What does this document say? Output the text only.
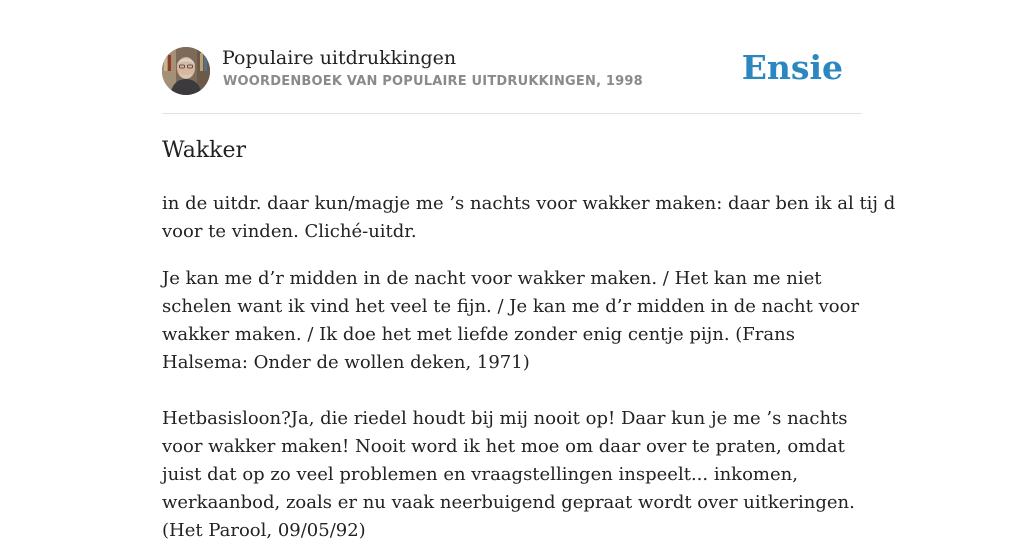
Populaire uitdrukkingen
WOORDENBOEK VAN POPULAIRE UITDRUKKINGEN, 1998	Ensie
Wakker

in de uitdr. daar kun/magje me ’s nachts voor wakker maken: daar ben ik al tij d
voor te vinden. Cliché-uitdr.

Je kan me d’r midden in de nacht voor wakker maken. / Het kan me niet schelen want ik vind het veel te fijn. / Je kan me d’r midden in de nacht voor wakker maken. / Ik doe het met liefde zonder enig centje pijn. (Frans Halsema: Onder de wollen deken, 1971)

Hetbasisloon?Ja, die riedel houdt bij mij nooit op! Daar kun je me ’s nachts voor wakker maken! Nooit word ik het moe om daar over te praten, omdat juist dat op zo veel problemen en vraagstellingen inspeelt... inkomen, werkaanbod, zoals er nu vaak neerbuigend gepraat wordt over uitkeringen. (Het Parool, 09/05/92)
